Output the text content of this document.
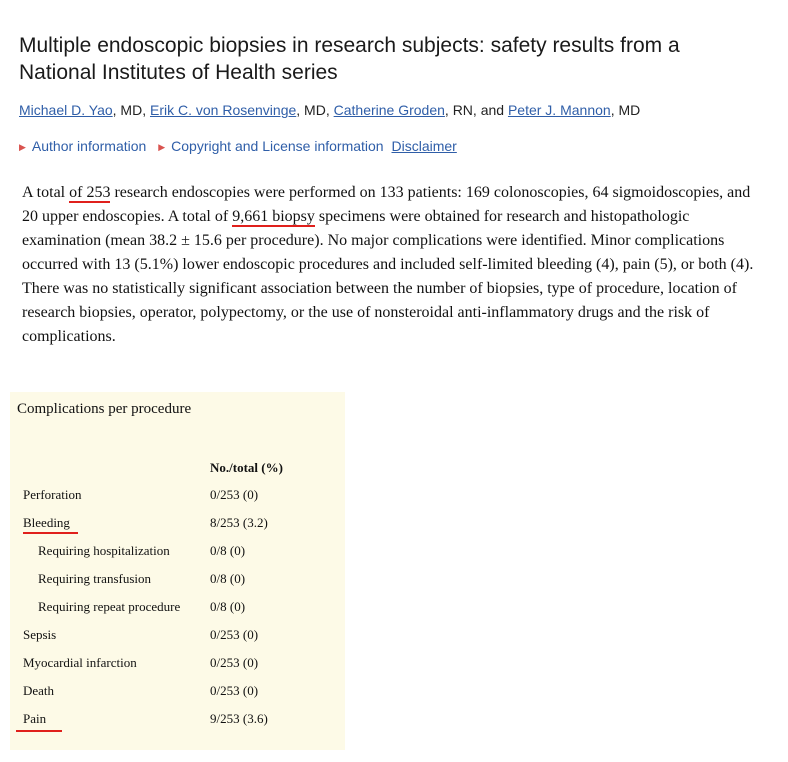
Multiple endoscopic biopsies in research subjects: safety results from a National Institutes of Health series
Michael D. Yao, MD, Erik C. von Rosenvinge, MD, Catherine Groden, RN, and Peter J. Mannon, MD
▶ Author information ▶ Copyright and License information Disclaimer

A total of 253 research endoscopies were performed on 133 patients: 169 colonoscopies, 64 sigmoidoscopies, and 20 upper endoscopies. A total of 9,661 biopsy specimens were obtained for research and histopathologic examination (mean 38.2 ± 15.6 per procedure). No major complications were identified. Minor complications occurred with 13 (5.1%) lower endoscopic procedures and included self-limited bleeding (4), pain (5), or both (4). There was no statistically significant association between the number of biopsies, type of procedure, location of research biopsies, operator, polypectomy, or the use of nonsteroidal anti-inflammatory drugs and the risk of complications.

Complications per procedure
No./total (%)
Perforation	0/253 (0)
Bleeding	8/253 (3.2)
Requiring hospitalization	0/8 (0)
Requiring transfusion	0/8 (0)
Requiring repeat procedure 0/8 (0)
Sepsis	0/253 (0)
Myocardial infarction	0/253 (0)
Death	0/253 (0)
Pain	9/253 (3.6)
